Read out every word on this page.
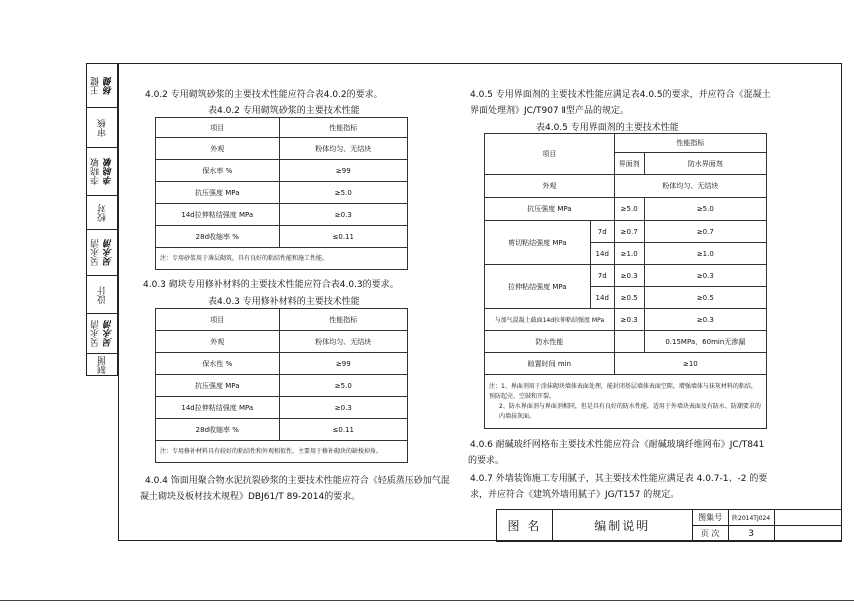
王健 杨健
审核
李晓敏 李晓敏
校对
吴永清 吴永清
设计
吴永清 吴永清
制图
4.0.2 专用砌筑砂浆的主要技术性能应符合表4.0.2的要求。
表4.0.2 专用砌筑砂浆的主要技术性能
项目	性能指标
外观	粉体均匀、无结块
保水率 %	≥99
抗压强度 MPa	≥5.0
14d拉伸粘结强度 MPa	≥0.3
28d收缩率 %	≤0.11
注：专用砂浆用于薄层砌筑，具有良好的粘结性能和施工性能。	
4.0.3 砌块专用修补材料的主要技术性能应符合表4.0.3的要求。
表4.0.3 专用修补材料的主要技术性能
项目	性能指标
外观	粉体均匀、无结块
保水性 %	≥99
抗压强度 MPa	≥5.0
14d拉伸粘结强度 MPa	≥0.3
28d收缩率 %	≤0.11
注：专用修补材料具有较好的粘结性和外观相似性，主要用于修补砌块的缺棱掉角。	
4.0.4 饰面用聚合物水泥抗裂砂浆的主要技术性能应符合《轻质蒸压砂加气混
凝土砌块及板材技术规程》DBJ61/T 89-2014的要求。
4.0.5 专用界面剂的主要技术性能应满足表4.0.5的要求，并应符合《混凝土
界面处理剂》JC/T907 Ⅱ型产品的规定。
表4.0.5 专用界面剂的主要技术性能
项目		性能指标	
		界面剂	防水界面剂
外观		粉体均匀、无结块	
抗压强度 MPa		≥5.0	≥5.0
剪切粘结强度 MPa	7d	≥0.7	≥0.7
	14d	≥1.0	≥1.0
拉伸粘结强度 MPa	7d	≥0.3	≥0.3
	14d	≥0.5	≥0.5
与加气混凝土截面14d拉伸粘结强度 MPa		≥0.3	≥0.3
防水性能			0.15MPa，60min无渗漏
晾置时间 min		≥10	

注：1、界面剂用于涂抹砌块墙体表面处理，能封闭基层墙体表面空隙，增强墙体与抹灰材料的粘结，预防起壳、空鼓和开裂。
2、防水界面剂与界面剂相同，但是具有良好的防水性能，适用于外墙块表面及有防水、防潮要求的内墙抹灰面。			
4.0.6 耐碱玻纤网格布主要技术性能应符合《耐碱玻璃纤维网布》JC/T841
的要求。
4.0.7 外墙装饰施工专用腻子，其主要技术性能应满足表 4.0.7-1、-2 的要
求，并应符合《建筑外墙用腻子》JG/T157 的规定。
图 名	编制说明	图集号	陕2014TJ024	
		页 次	3	
